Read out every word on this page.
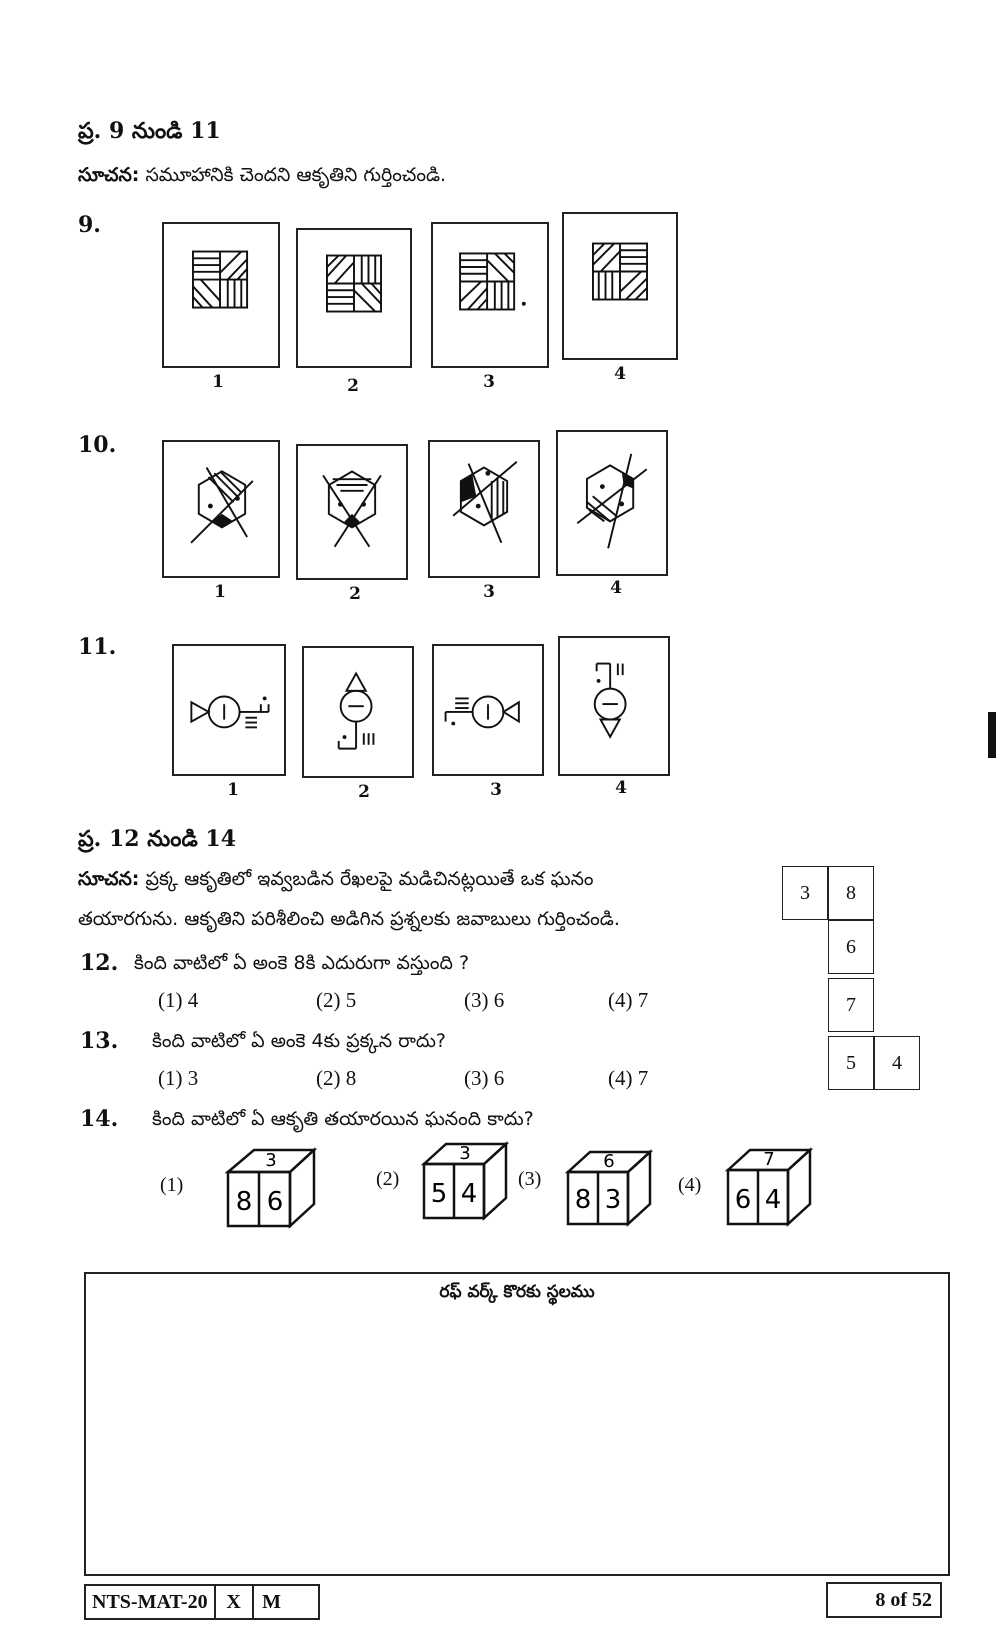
ప్ర. 9 నుండి 11
సూచన: సమూహానికి చెందని ఆకృతిని గుర్తించండి.
9.
1	2	3	4
10.
1	2	3	4
11.
1	2	3	4
ప్ర. 12 నుండి 14
సూచన: ప్రక్క ఆకృతిలో ఇవ్వబడిన రేఖలపై మడిచినట్లయితే ఒక ఘనం
తయారగును. ఆకృతిని పరిశీలించి అడిగిన ప్రశ్నలకు జవాబులు గుర్తించండి.
3	8
6
7
5	4
12. కింది వాటిలో ఏ అంకె 8కి ఎదురుగా వస్తుంది ?
(1) 4	(2) 5	(3) 6	(4) 7
13. కింది వాటిలో ఏ అంకె 4కు ప్రక్కన రాదు?
(1) 3	(2) 8	(3) 6	(4) 7
14. కింది వాటిలో ఏ ఆకృతి తయారయిన ఘనంది కాదు?
(1)
3
8 6
(2)
3
5 4 (3)
6
8 3	(4)
7
6 4
రఫ్ వర్క్ కొరకు స్థలము
NTS-MAT-20 X	M	8 of 52
